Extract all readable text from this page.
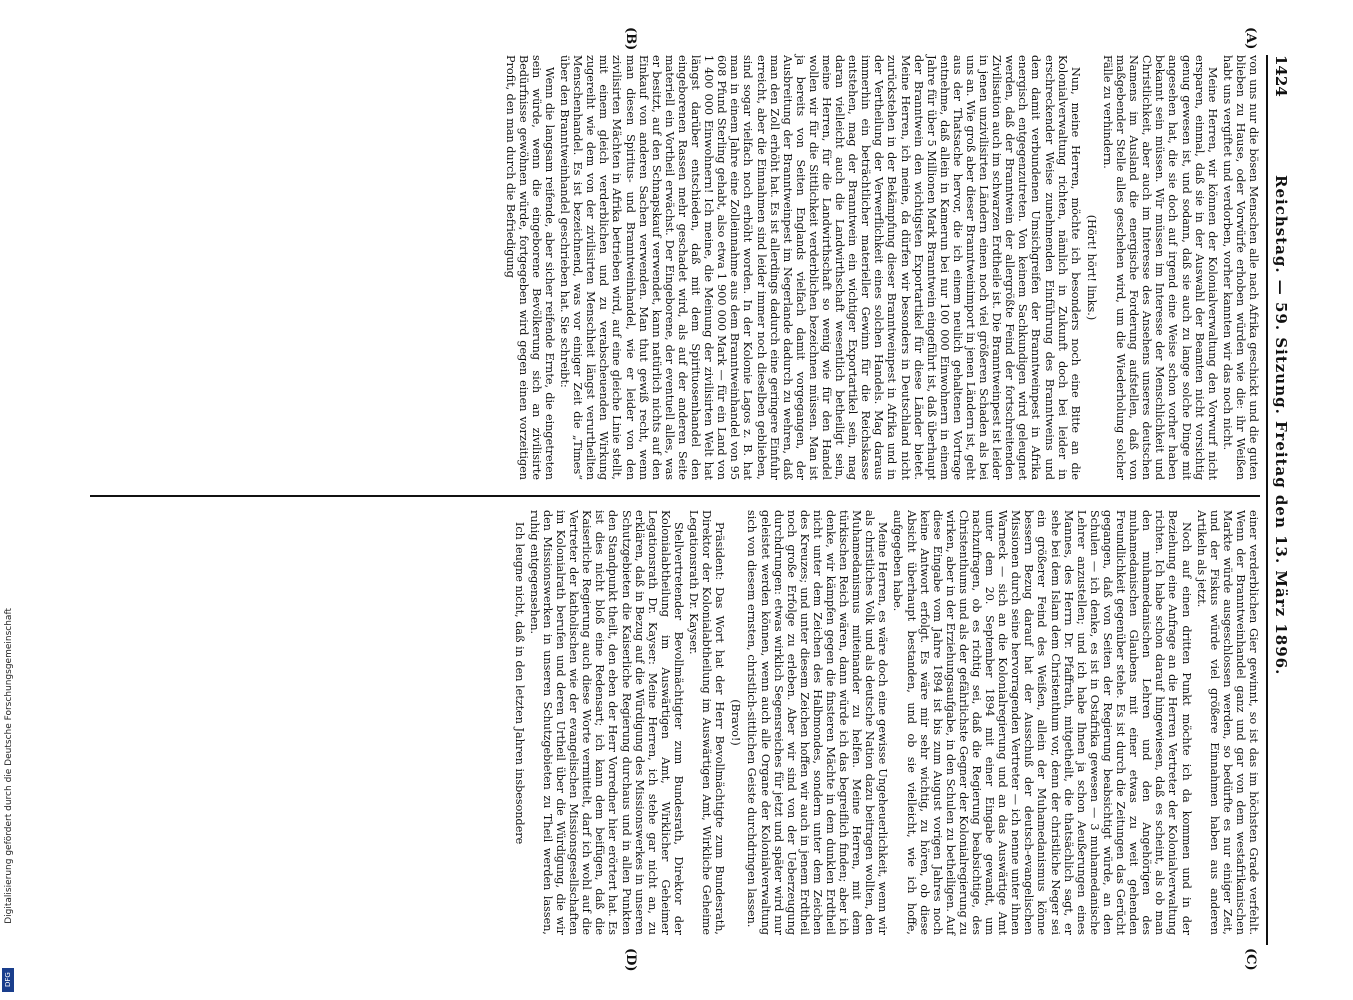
1424
Reichstag. — 59. Sitzung. Freitag den 13. März 1896.
(A)
(B)
(C)
(D)

von uns nur die bösen Menschen alle nach Afrika geschickt und die guten blieben zu Hause, oder Vorwürfe erhoben würden wie die: ihr Weißen habt uns vergiftet und verdorben, vorher kannten wir das noch nicht.

Meine Herren, wir können der Kolonialverwaltung den Vorwurf nicht ersparen, einmal, daß sie in der Auswahl der Beamten nicht vorsichtig genug gewesen ist, und sodann, daß sie auch zu lange solche Dinge mit angesehen hat, die sie doch auf irgend eine Weise schon vorher haben bekannt sein müssen. Wir müssen im Interesse der Menschlichkeit und Christlichkeit, aber auch im Interesse des Ansehens unseres deutschen Namens im Ausland die energische Forderung aufstellen, daß von maßgebender Stelle alles geschehen wird, um die Wiederholung solcher Fälle zu verhindern.

(Hört! hört! links.)

Nun, meine Herren, möchte ich besonders noch eine Bitte an die Kolonialverwaltung richten, nämlich in Zukunft doch bei leider in erschreckender Weise zunehmenden Einführung des Branntweins und dem damit verbundenen Umsichgreifen der Branntweinpest in Afrika energisch entgegenzutreten. Von keinem Sachkundigen wird geleugnet werden, daß der Branntwein der allergrößte Feind der fortschreitenden Zivilisation auch im schwarzen Erdtheile ist. Die Branntweinpest ist leider in jenen unzivilisirten Ländern einen noch viel größeren Schaden als bei uns an. Wie groß aber dieser Branntweinimport in jenen Ländern ist, geht aus der Thatsache hervor, die ich einem neulich gehaltenen Vortrage entnehme, daß allein in Kamerun bei nur 100 000 Einwohnern in einem Jahre für über 5 Millionen Mark Branntwein eingeführt ist, daß überhaupt der Branntwein den wichtigsten Exportartikel für diese Länder bietet. Meine Herren, ich meine, da dürfen wir besonders in Deutschland nicht zurückstehen in der Bekämpfung dieser Branntweinpest in Afrika und in der Vertheilung der Verwerflichkeit eines solchen Handels. Mag daraus immerhin ein beträchtlicher materieller Gewinn für die Reichskasse entstehen, mag der Branntwein ein wichtiger Exportartikel sein, mag daran vielleicht auch die Landwirthschaft wesentlich betheiligt sein, meine Herren, für die Landwirthschaft so wenig wie für den Handel wollen wir für die Sittlichkeit verderblichen bezeichnen müssen. Man ist ja bereits von Seiten Englands vielfach damit vorgegangen, der Ausbreitung der Branntweinpest im Negerlande dadurch zu wehren, daß man den Zoll erhöht hat. Es ist allerdings dadurch eine geringere Einfuhr erreicht, aber die Einnahmen sind leider immer noch dieselben geblieben, sind sogar vielfach noch erhöht worden. In der Kolonie Lagos z. B. hat man in einem Jahre eine Zolleinnahme aus dem Branntweinhandel von 95 608 Pfund Sterling gehabt, also etwa 1 900 000 Mark — für ein Land von 1 400 000 Einwohnern! Ich meine, die Meinung der zivilisirten Welt hat längst darüber entschieden, daß mit dem Spirituosenhandel den eingeborenen Rassen mehr geschadet wird, als auf der anderen Seite materiell ein Vortheil erwächst. Der Eingeborene, der eventuell alles, was er besitzt, auf den Schnapskauf verwendet, kann natürlich nichts auf den Einkauf von anderen Sachen verwenden. Man thut gewiß recht, wenn man diesen Spiritus- und Branntweinhandel, wie er leider von den zivilisirten Mächten in Afrika betrieben wird, auf eine gleiche Linie stellt, mit einem gleich verderblichen und zu verabscheuenden Wirkung zugereiht wie dem von der zivilisirten Menschheit längst verurtheilten Menschenhandel. Es ist bezeichnend, was vor einiger Zeit die „Times“ über den Branntweinhandel geschrieben hat. Sie schreibt:

Wenn die langsam reifende, aber sicher reifende Ernte, die eingetreten sein würde, wenn die eingeborene Bevölkerung sich an zivilisirte Bedürfnisse gewöhnen würde, fortgegeben wird gegen einen vorzeitigen Profit, den man durch die Befriedigung

einer verderblichen Gier gewinnt, so ist das im höchsten Grade verfehlt. Wenn der Branntweinhandel ganz und gar von dem westafrikanischen Markte würde ausgeschlossen werden, so bedürfte es nur einiger Zeit, und der Fiskus würde viel größere Einnahmen haben aus anderen Artikeln als jetzt.

Noch auf einen dritten Punkt möchte ich da kommen und in der Beziehung eine Anfrage an die Herren Vertreter der Kolonialverwaltung richten. Ich habe schon darauf hingewiesen, daß es scheint, als ob man den muhamedanischen Lehren und den Angehörigen des muhamedanischen Glaubens mit einer etwas zu weit gehenden Freundlichkeit gegenüber stehe. Es ist durch die Zeitungen das Gerücht gegangen, daß von Seiten der Regierung beabsichtigt würde, an den Schulen — ich denke, es ist in Ostafrika gewesen — 3 muhamedanische Lehrer anzustellen; und ich habe Ihnen ja schon Aeußerungen eines Mannes, des Herrn Dr. Pfaffrath, mitgetheilt, die thatsächlich sagt, er sehe bei dem Islam dem Christenthum vor, denn der christliche Neger sei ein größerer Feind des Weißen, allein der Muhamedanismus könne bessern Bezug darauf hat der Ausschuß der deutsch-evangelischen Missionen durch seine hervorragenden Vertreter — ich nenne unter ihnen Warneck — sich an die Kolonialregierung und an das Auswärtige Amt unter dem 20. September 1894 mit einer Eingabe gewandt, um nachzufragen, ob es richtig sei, daß die Regierung beabsichtige, des Christenthums und als der gefährlichste Gegner der Kolonialregierung zu wirken, aber in der Erziehungsaufgabe, in den Schulen zu betheiligen. Auf diese Eingabe vom Jahre 1894 ist bis zum August vorigen Jahres noch keine Antwort erfolgt. Es wäre mir sehr wichtig, zu hören, ob diese Absicht überhaupt bestanden, und ob sie vielleicht, wie ich hoffe, aufgegeben habe.

Meine Herren, es wäre doch eine gewisse Ungeheuerlichkeit, wenn wir als christliches Volk und als deutsche Nation dazu beitragen wollten, den Muhamedanismus miteinander zu helfen. Meine Herren, mit dem türkischen Reich wären, dann würde ich das begreiflich finden; aber ich denke, wir kämpfen gegen die finsteren Mächte in dem dunklen Erdtheil nicht unter dem Zeichen des Halbmondes, sondern unter dem Zeichen des Kreuzes; und unter diesem Zeichen hoffen wir auch in jenem Erdtheil noch große Erfolge zu erleben. Aber wir sind von der Ueberzeugung durchdrungen: etwas wirklich Segensreiches für jetzt und später wird nur geleistet werden können, wenn auch alle Organe der Kolonialverwaltung sich von diesem ernsten, christlich-sittlichen Geiste durchdringen lassen.

(Bravo!)

Präsident: Das Wort hat der Herr Bevollmächtigte zum Bundesrath, Direktor der Kolonialabtheilung im Auswärtigen Amt, Wirkliche Geheime Legationsrath Dr. Kayser.

Stellvertretender Bevollmächtigter zum Bundesrath, Direktor der Kolonialabtheilung im Auswärtigen Amt, Wirklicher Geheimer Legationsrath Dr. Kayser: Meine Herren, ich stehe gar nicht an, zu erklären, daß in Bezug auf die Würdigung des Missionswerkes in unseren Schutzgebieten die Kaiserliche Regierung durchaus und in allen Punkten den Standpunkt theilt, den eben der Herr Vorredner hier erörtert hat. Es ist dies nicht bloß eine Redensart; ich kann dem beifügen, daß die Kaiserliche Regierung auch diese Worte vermittelt, darf ich wohl auf die Vertreter der katholischen wie der evangelischen Missionsgesellschaften im Kolonialrath berufen und deren Urtheil über die Würdigung, die wir den Missionswerken in unseren Schutzgebieten zu Theil werden lassen, ruhig entgegensehen.

Ich leugne nicht, daß in den letzten Jahren insbesondere

Digitalisierung gefördert durch die Deutsche Forschungsgemeinschaft
DFG
